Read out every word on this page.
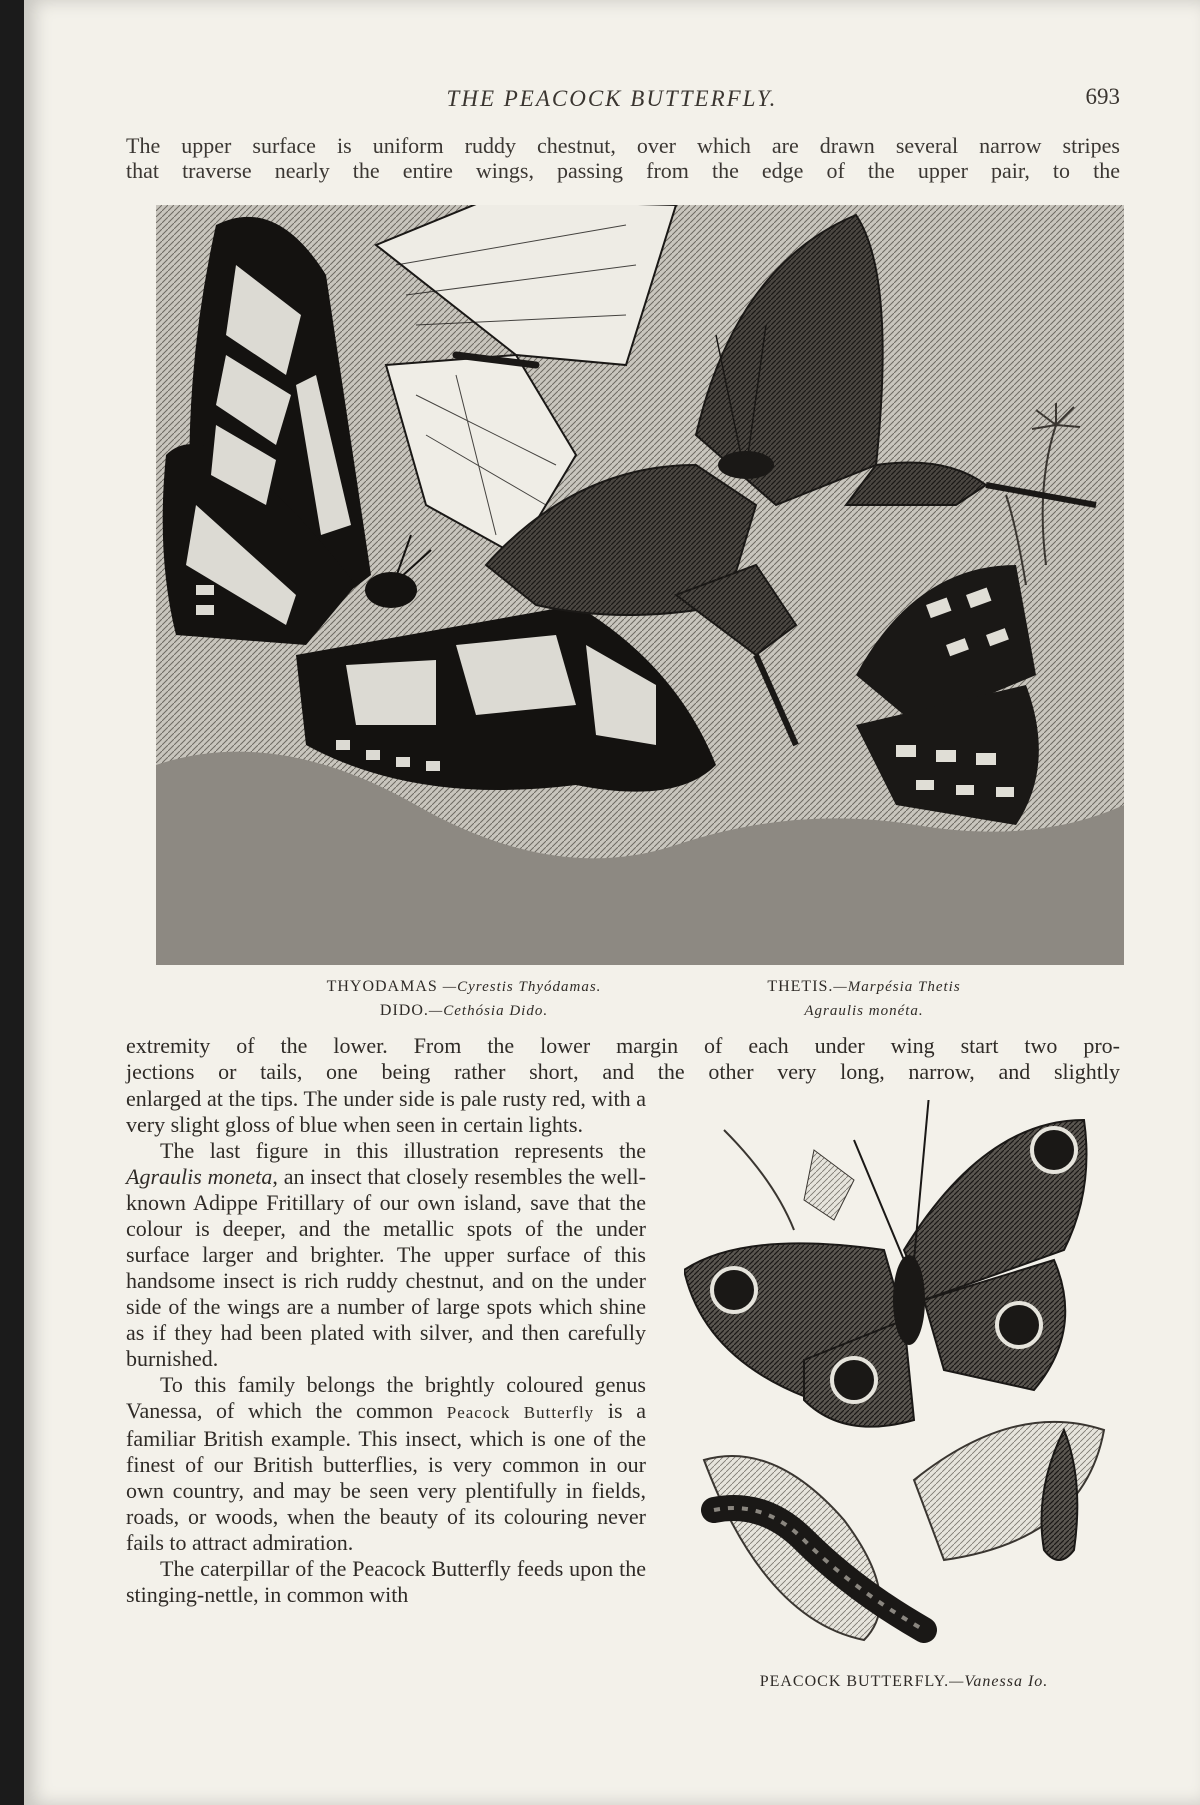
THE PEACOCK BUTTERFLY.	693
The upper surface is uniform ruddy chestnut, over which are drawn several narrow stripes
that traverse nearly the entire wings, passing from the edge of the upper pair, to the
THYODAMAS —Cyrestis Thyódamas.
DIDO.—Cethósia Dido.
THETIS.—Marpésia Thetis
Agraulis monéta.
extremity of the lower. From the lower margin of each under wing start two pro-
jections or tails, one being rather short, and the other very long, narrow, and slightly

enlarged at the tips. The under side is pale rusty red, with a very slight gloss of blue when seen in certain lights.

The last figure in this illustration represents the Agraulis moneta, an insect that closely resembles the well-known Adippe Fritillary of our own island, save that the colour is deeper, and the metallic spots of the under surface larger and brighter. The upper surface of this handsome insect is rich ruddy chestnut, and on the under side of the wings are a number of large spots which shine as if they had been plated with silver, and then carefully burnished.

To this family belongs the brightly coloured genus Vanessa, of which the common Peacock Butterfly is a familiar British example. This insect, which is one of the finest of our British butterflies, is very common in our own country, and may be seen very plentifully in fields, roads, or woods, when the beauty of its colouring never fails to attract admiration.

The caterpillar of the Peacock Butterfly feeds upon the stinging-nettle, in common with

PEACOCK BUTTERFLY.—Vanessa Io.
